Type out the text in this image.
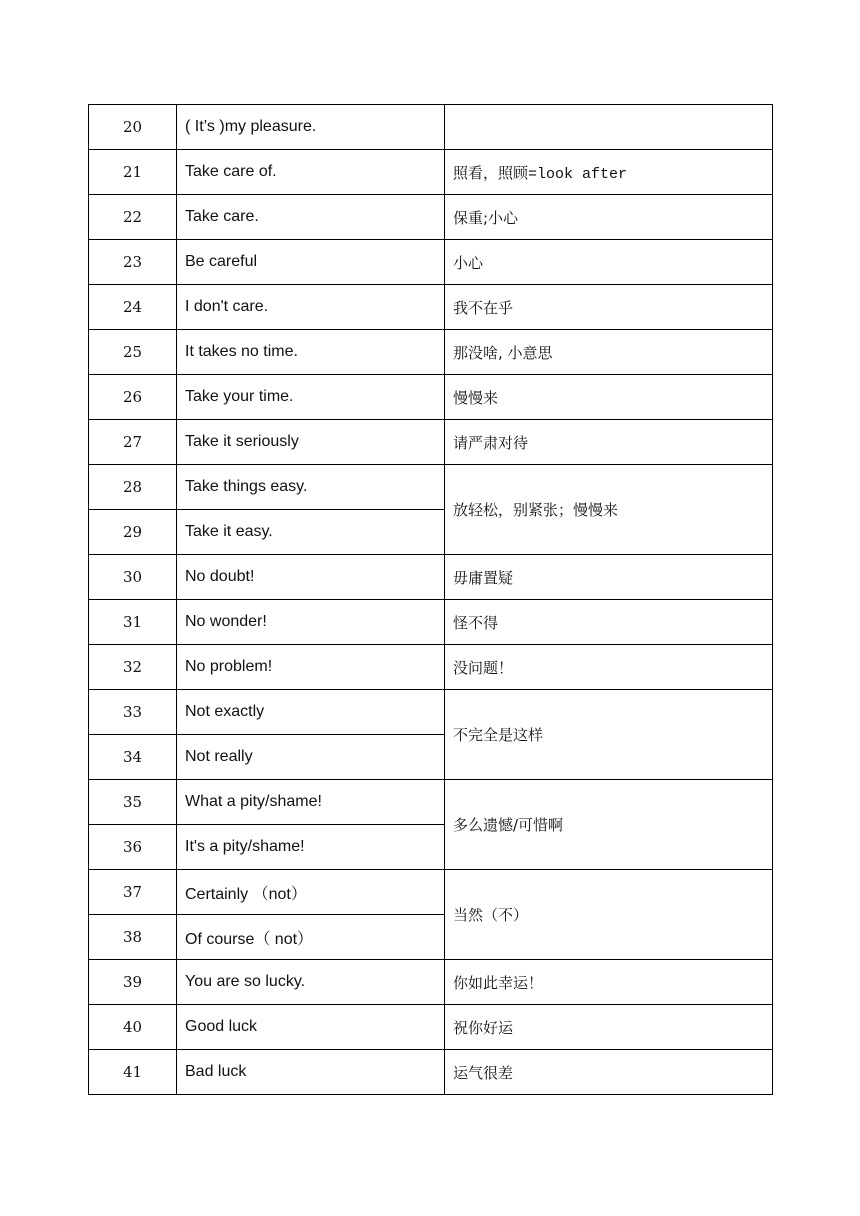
20	( It’s )my pleasure.	
21	Take care of.	照看，照顾=look after
22	Take care.	保重;小心
23	Be careful	小心
24	I don't care.	我不在乎
25	It takes no time.	那没啥, 小意思
26	Take your time.	慢慢来
27	Take it seriously	请严肃对待
28	Take things easy.	放轻松，别紧张；慢慢来
29	Take it easy.	
30	No doubt!	毋庸置疑
31	No wonder!	怪不得
32	No problem!	没问题！
33	Not exactly	不完全是这样
34	Not really	
35	What a pity/shame!	多么遗憾/可惜啊
36	It's a pity/shame!	
37	Certainly （not）	当然（不）
38	Of course（ not）	
39	You are so lucky.	你如此幸运！
40	Good luck	祝你好运
41	Bad luck	运气很差
